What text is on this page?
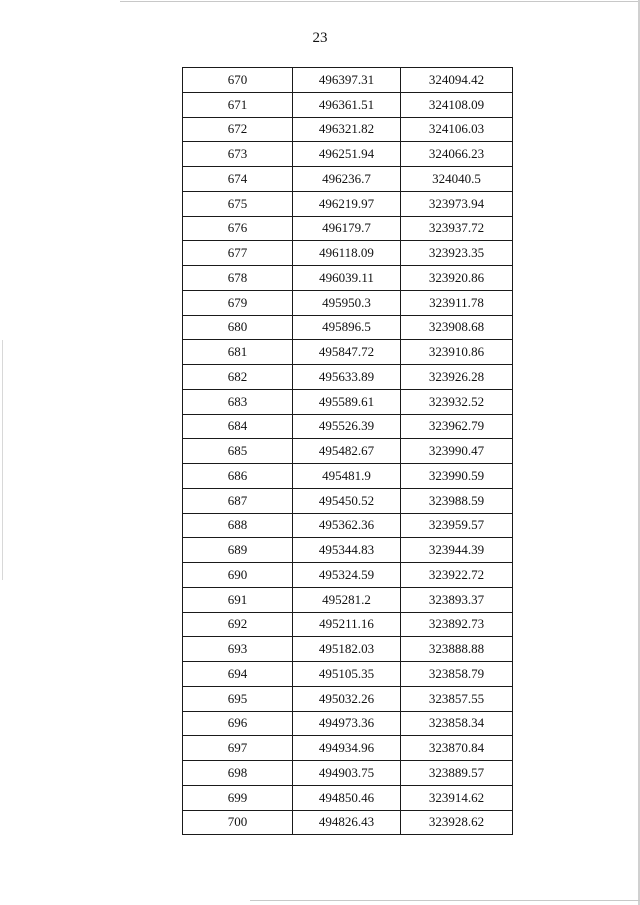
23
670	496397.31	324094.42
671	496361.51	324108.09
672	496321.82	324106.03
673	496251.94	324066.23
674	496236.7	324040.5
675	496219.97	323973.94
676	496179.7	323937.72
677	496118.09	323923.35
678	496039.11	323920.86
679	495950.3	323911.78
680	495896.5	323908.68
681	495847.72	323910.86
682	495633.89	323926.28
683	495589.61	323932.52
684	495526.39	323962.79
685	495482.67	323990.47
686	495481.9	323990.59
687	495450.52	323988.59
688	495362.36	323959.57
689	495344.83	323944.39
690	495324.59	323922.72
691	495281.2	323893.37
692	495211.16	323892.73
693	495182.03	323888.88
694	495105.35	323858.79
695	495032.26	323857.55
696	494973.36	323858.34
697	494934.96	323870.84
698	494903.75	323889.57
699	494850.46	323914.62
700	494826.43	323928.62
